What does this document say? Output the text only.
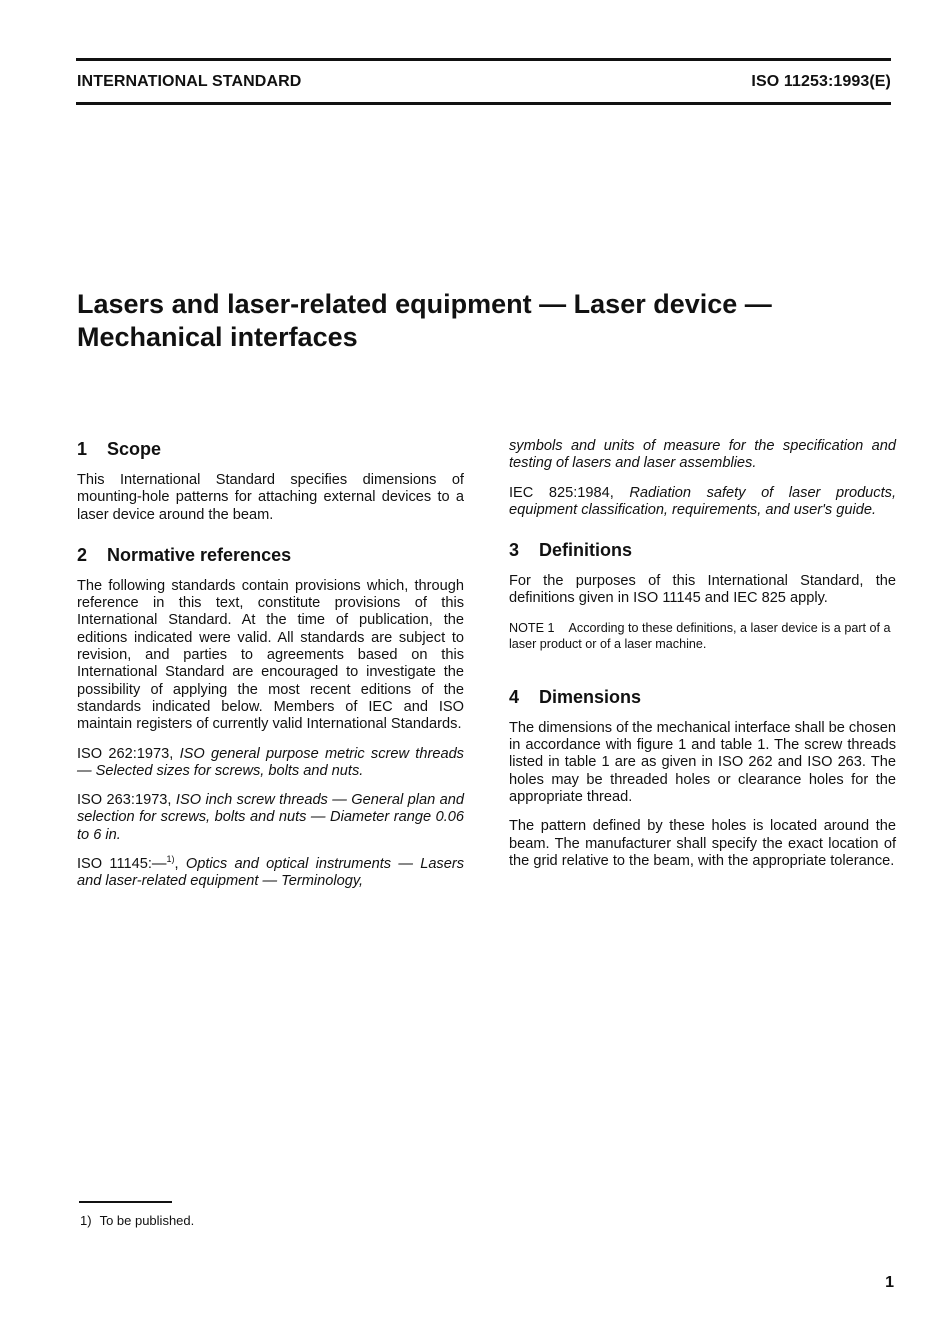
INTERNATIONAL STANDARD	ISO 11253:1993(E)
Lasers and laser-related equipment — Laser device —
Mechanical interfaces
1 Scope

This International Standard specifies dimensions of mounting-hole patterns for attaching external devices to a laser device around the beam.

2 Normative references

The following standards contain provisions which, through reference in this text, constitute provisions of this International Standard. At the time of publication, the editions indicated were valid. All standards are subject to revision, and parties to agreements based on this International Standard are encouraged to investigate the possibility of applying the most recent editions of the standards indicated below. Members of IEC and ISO maintain registers of currently valid International Standards.

ISO 262:1973, ISO general purpose metric screw threads — Selected sizes for screws, bolts and nuts.

ISO 263:1973, ISO inch screw threads — General plan and selection for screws, bolts and nuts — Diameter range 0.06 to 6 in.

ISO 11145:—$^{1)}$, Optics and optical instruments — Lasers and laser-related equipment — Terminology,

symbols and units of measure for the specification and testing of lasers and laser assemblies.

IEC 825:1984, Radiation safety of laser products, equipment classification, requirements, and user's guide.

3 Definitions

For the purposes of this International Standard, the definitions given in ISO 11145 and IEC 825 apply.

NOTE 1 According to these definitions, a laser device is a part of a laser product or of a laser machine.

4 Dimensions

The dimensions of the mechanical interface shall be chosen in accordance with figure 1 and table 1. The screw threads listed in table 1 are as given in ISO 262 and ISO 263. The holes may be threaded holes or clearance holes for the appropriate thread.

The pattern defined by these holes is located around the beam. The manufacturer shall specify the exact location of the grid relative to the beam, with the appropriate tolerance.

1) To be published.
1
